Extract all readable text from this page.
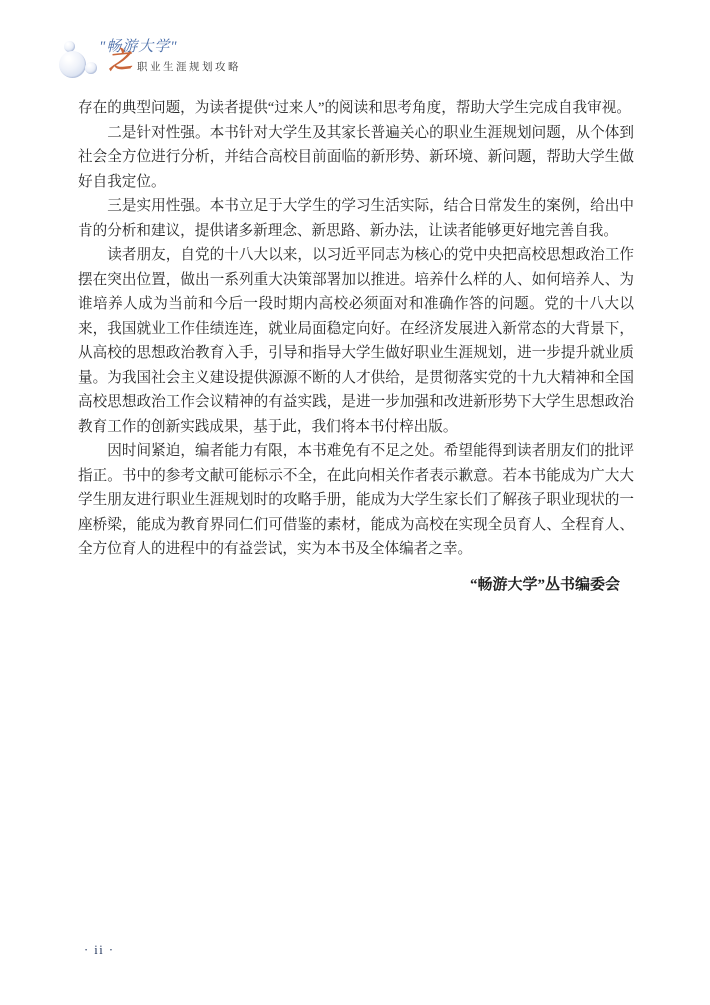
"畅游大学"
之 职业生涯规划攻略

存在的典型问题，为读者提供“过来人”的阅读和思考角度，帮助大学生完成自我审视。

二是针对性强。本书针对大学生及其家长普遍关心的职业生涯规划问题，从个体到社会全方位进行分析，并结合高校目前面临的新形势、新环境、新问题，帮助大学生做好自我定位。

三是实用性强。本书立足于大学生的学习生活实际，结合日常发生的案例，给出中肯的分析和建议，提供诸多新理念、新思路、新办法，让读者能够更好地完善自我。

读者朋友，自党的十八大以来，以习近平同志为核心的党中央把高校思想政治工作摆在突出位置，做出一系列重大决策部署加以推进。培养什么样的人、如何培养人、为谁培养人成为当前和今后一段时期内高校必须面对和准确作答的问题。党的十八大以来，我国就业工作佳绩连连，就业局面稳定向好。在经济发展进入新常态的大背景下，从高校的思想政治教育入手，引导和指导大学生做好职业生涯规划，进一步提升就业质量。为我国社会主义建设提供源源不断的人才供给，是贯彻落实党的十九大精神和全国高校思想政治工作会议精神的有益实践，是进一步加强和改进新形势下大学生思想政治教育工作的创新实践成果，基于此，我们将本书付梓出版。

因时间紧迫，编者能力有限，本书难免有不足之处。希望能得到读者朋友们的批评指正。书中的参考文献可能标示不全，在此向相关作者表示歉意。若本书能成为广大大学生朋友进行职业生涯规划时的攻略手册，能成为大学生家长们了解孩子职业现状的一座桥梁，能成为教育界同仁们可借鉴的素材，能成为高校在实现全员育人、全程育人、全方位育人的进程中的有益尝试，实为本书及全体编者之幸。

“畅游大学”丛书编委会

· ii ·
